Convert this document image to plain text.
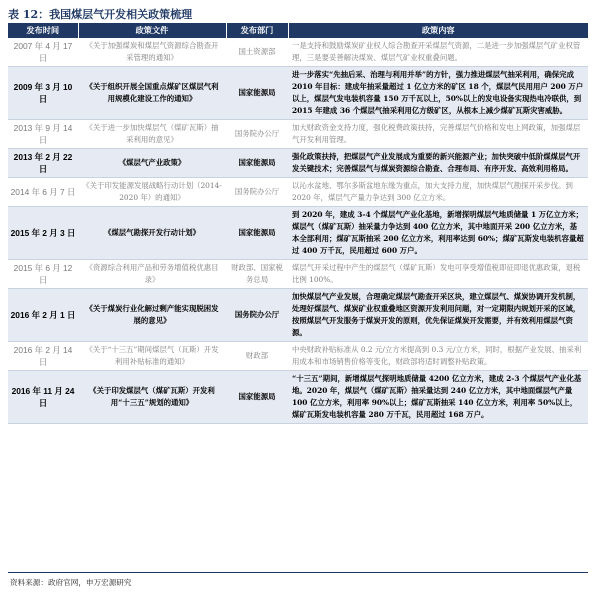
表 12：我国煤层气开发相关政策梳理
发布时间	政策文件	发布部门	政策内容
2007 年 4 月 17 日	《关于加强煤炭和煤层气资源综合勘查开采管理的通知》	国土资源部	一是支持和鼓励煤炭矿业权人综合勘查开采煤层气资源，二是进一步加强煤层气矿业权管理，三是要妥善解决煤炭、煤层气矿业权重叠问题。
2009 年 3 月 10 日	《关于组织开展全国重点煤矿区煤层气利用规模化建设工作的通知》	国家能源局	进一步落实“先抽后采、治理与利用并举”的方针，强力推进煤层气抽采利用，确保完成 2010 年目标：建成年抽采量超过 1 亿立方米的矿区 18 个，煤层气民用用户 200 万户以上，煤层气发电装机容量 150 万千瓦以上，50%以上的发电设备实现热电冷联供，到 2015 年建成 36 个煤层气抽采利用亿方级矿区，从根本上减少煤矿瓦斯灾害威胁。
2013 年 9 月 14 日	《关于进一步加快煤层气（煤矿瓦斯）抽采利用的意见》	国务院办公厅	加大财政资金支持力度，强化税费政策扶持，完善煤层气价格和发电上网政策，加强煤层气开发利用管理。
2013 年 2 月 22 日	《煤层气产业政策》	国家能源局	强化政策扶持，把煤层气产业发展成为重要的新兴能源产业；加快突破中低阶煤煤层气开发关键技术；完善煤层气与煤炭资源综合勘查、合理布局、有序开发、高效利用格局。
2014 年 6 月 7 日	《关于印发能源发展战略行动计划（2014-2020 年）的通知》	国务院办公厅	以沁水盆地、鄂尔多斯盆地东缘为重点，加大支持力度，加快煤层气勘探开采步伐。到 2020 年，煤层气产量力争达到 300 亿立方米。
2015 年 2 月 3 日	《煤层气勘探开发行动计划》	国家能源局	到 2020 年，建成 3-4 个煤层气产业化基地，新增探明煤层气地质储量 1 万亿立方米；煤层气（煤矿瓦斯）抽采量力争达到 400 亿立方米，其中地面开采 200 亿立方米，基本全部利用；煤矿瓦斯抽采 200 亿立方米，利用率达到 60%；煤矿瓦斯发电装机容量超过 400 万千瓦，民用超过 600 万户。
2015 年 6 月 12 日	《资源综合利用产品和劳务增值税优惠目录》	财政部、国家税务总局	煤层气开采过程中产生的煤层气（煤矿瓦斯）发电可享受增值税即征即退优惠政策，退税比例 100%。
2016 年 2 月 1 日	《关于煤炭行业化解过剩产能实现脱困发展的意见》	国务院办公厅	加快煤层气产业发展，合理确定煤层气勘查开采区块，建立煤层气、煤炭协调开发机制，处理好煤层气、煤炭矿业权重叠地区资源开发利用问题，对一定期限内规划开采的区域，按照煤层气开发服务于煤炭开发的原则，优先保证煤炭开发需要，并有效利用煤层气资源。
2016 年 2 月 14 日	《关于“十三五”期间煤层气（瓦斯）开发利用补贴标准的通知》	财政部	中央财政补贴标准从 0.2 元/立方米提高到 0.3 元/立方米，同时，根据产业发展、抽采利用成本和市场销售价格等变化，财政部将适时调整补贴政策。
2016 年 11 月 24 日	《关于印发煤层气（煤矿瓦斯）开发利用“十三五”规划的通知》	国家能源局	“十三五”期间，新增煤层气探明地质储量 4200 亿立方米，建成 2-3 个煤层气产业化基地。2020 年，煤层气（煤矿瓦斯）抽采量达到 240 亿立方米，其中地面煤层气产量 100 亿立方米，利用率 90%以上；煤矿瓦斯抽采 140 亿立方米，利用率 50%以上，煤矿瓦斯发电装机容量 280 万千瓦，民用超过 168 万户。
资料来源：政府官网，申万宏源研究
